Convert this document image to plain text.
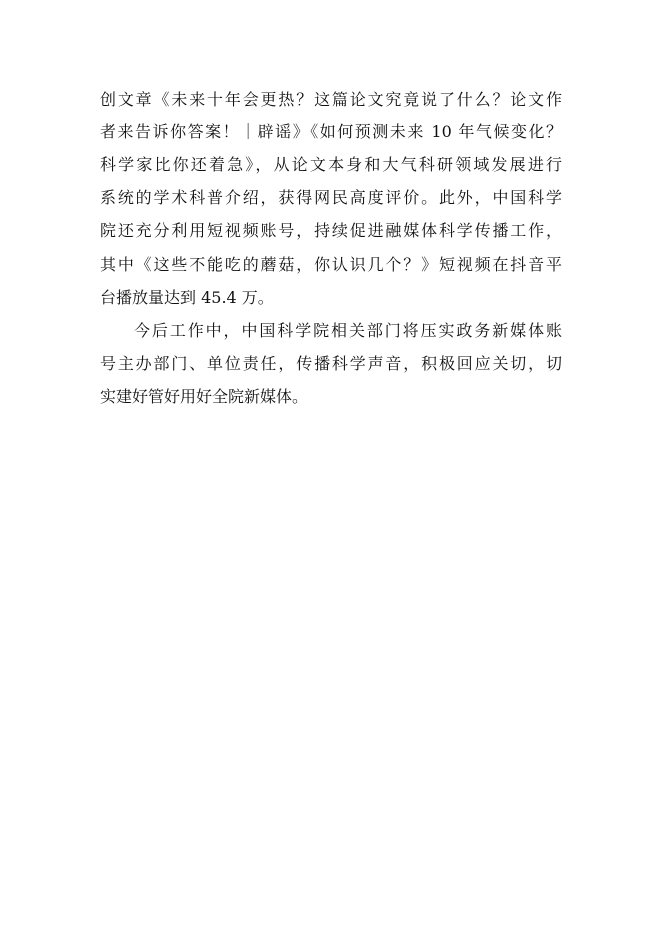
创文章《未来十年会更热？这篇论文究竟说了什么？论文作
者来告诉你答案！｜辟谣》《如何预测未来 10 年气候变化？
科学家比你还着急》，从论文本身和大气科研领域发展进行
系统的学术科普介绍，获得网民高度评价。此外，中国科学
院还充分利用短视频账号，持续促进融媒体科学传播工作，
其中《这些不能吃的蘑菇，你认识几个？》短视频在抖音平
台播放量达到 45.4 万。
今后工作中，中国科学院相关部门将压实政务新媒体账
号主办部门、单位责任，传播科学声音，积极回应关切，切
实建好管好用好全院新媒体。
